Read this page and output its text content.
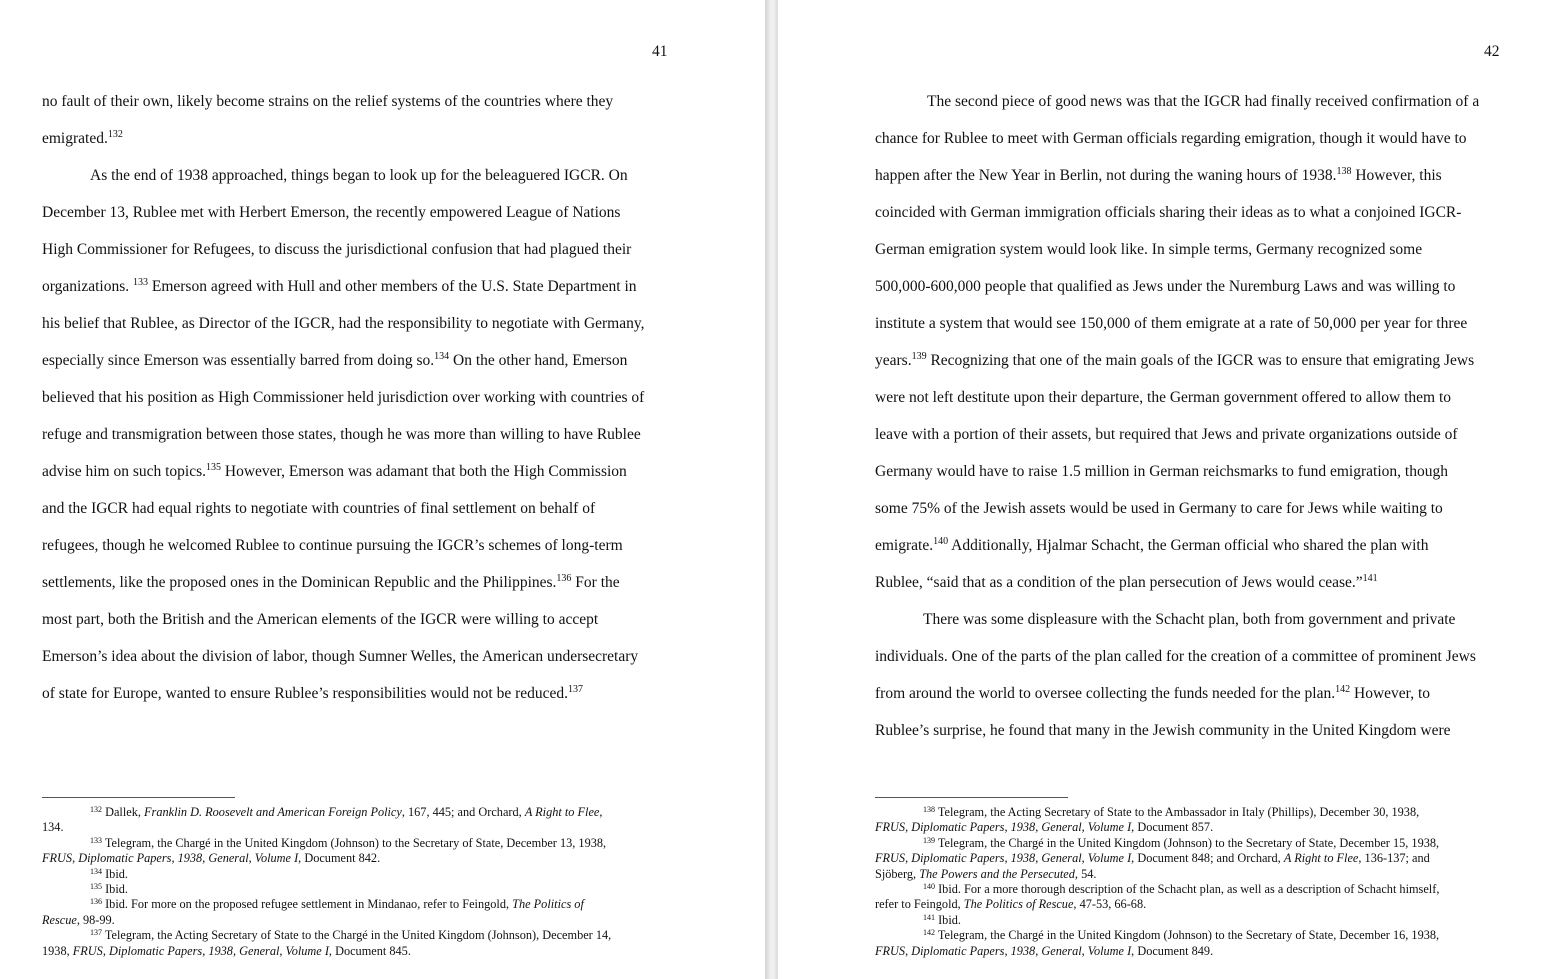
41
no fault of their own, likely become strains on the relief systems of the countries where they
emigrated.$^{132}$
As the end of 1938 approached, things began to look up for the beleaguered IGCR. On
December 13, Rublee met with Herbert Emerson, the recently empowered League of Nations
High Commissioner for Refugees, to discuss the jurisdictional confusion that had plagued their
organizations. $^{133}$ Emerson agreed with Hull and other members of the U.S. State Department in
his belief that Rublee, as Director of the IGCR, had the responsibility to negotiate with Germany,
especially since Emerson was essentially barred from doing so.$^{134}$ On the other hand, Emerson
believed that his position as High Commissioner held jurisdiction over working with countries of
refuge and transmigration between those states, though he was more than willing to have Rublee
advise him on such topics.$^{135}$ However, Emerson was adamant that both the High Commission
and the IGCR had equal rights to negotiate with countries of final settlement on behalf of
refugees, though he welcomed Rublee to continue pursuing the IGCR’s schemes of long-term
settlements, like the proposed ones in the Dominican Republic and the Philippines.$^{136}$ For the
most part, both the British and the American elements of the IGCR were willing to accept
Emerson’s idea about the division of labor, though Sumner Welles, the American undersecretary
of state for Europe, wanted to ensure Rublee’s responsibilities would not be reduced.$^{137}$
$^{132}$ Dallek, Franklin D. Roosevelt and American Foreign Policy, 167, 445; and Orchard, A Right to Flee,
134.
$^{133}$ Telegram, the Chargé in the United Kingdom (Johnson) to the Secretary of State, December 13, 1938,
FRUS, Diplomatic Papers, 1938, General, Volume I, Document 842.
$^{134}$ Ibid.
$^{135}$ Ibid.
$^{136}$ Ibid. For more on the proposed refugee settlement in Mindanao, refer to Feingold, The Politics of
Rescue, 98-99.
$^{137}$ Telegram, the Acting Secretary of State to the Chargé in the United Kingdom (Johnson), December 14,
1938, FRUS, Diplomatic Papers, 1938, General, Volume I, Document 845.
42
The second piece of good news was that the IGCR had finally received confirmation of a
chance for Rublee to meet with German officials regarding emigration, though it would have to
happen after the New Year in Berlin, not during the waning hours of 1938.$^{138}$ However, this
coincided with German immigration officials sharing their ideas as to what a conjoined IGCR-
German emigration system would look like. In simple terms, Germany recognized some
500,000-600,000 people that qualified as Jews under the Nuremburg Laws and was willing to
institute a system that would see 150,000 of them emigrate at a rate of 50,000 per year for three
years.$^{139}$ Recognizing that one of the main goals of the IGCR was to ensure that emigrating Jews
were not left destitute upon their departure, the German government offered to allow them to
leave with a portion of their assets, but required that Jews and private organizations outside of
Germany would have to raise 1.5 million in German reichsmarks to fund emigration, though
some 75% of the Jewish assets would be used in Germany to care for Jews while waiting to
emigrate.$^{140}$ Additionally, Hjalmar Schacht, the German official who shared the plan with
Rublee, “said that as a condition of the plan persecution of Jews would cease.”$^{141}$
There was some displeasure with the Schacht plan, both from government and private
individuals. One of the parts of the plan called for the creation of a committee of prominent Jews
from around the world to oversee collecting the funds needed for the plan.$^{142}$ However, to
Rublee’s surprise, he found that many in the Jewish community in the United Kingdom were
$^{138}$ Telegram, the Acting Secretary of State to the Ambassador in Italy (Phillips), December 30, 1938,
FRUS, Diplomatic Papers, 1938, General, Volume I, Document 857.
$^{139}$ Telegram, the Chargé in the United Kingdom (Johnson) to the Secretary of State, December 15, 1938,
FRUS, Diplomatic Papers, 1938, General, Volume I, Document 848; and Orchard, A Right to Flee, 136-137; and
Sjöberg, The Powers and the Persecuted, 54.
$^{140}$ Ibid. For a more thorough description of the Schacht plan, as well as a description of Schacht himself,
refer to Feingold, The Politics of Rescue, 47-53, 66-68.
$^{141}$ Ibid.
$^{142}$ Telegram, the Chargé in the United Kingdom (Johnson) to the Secretary of State, December 16, 1938,
FRUS, Diplomatic Papers, 1938, General, Volume I, Document 849.
